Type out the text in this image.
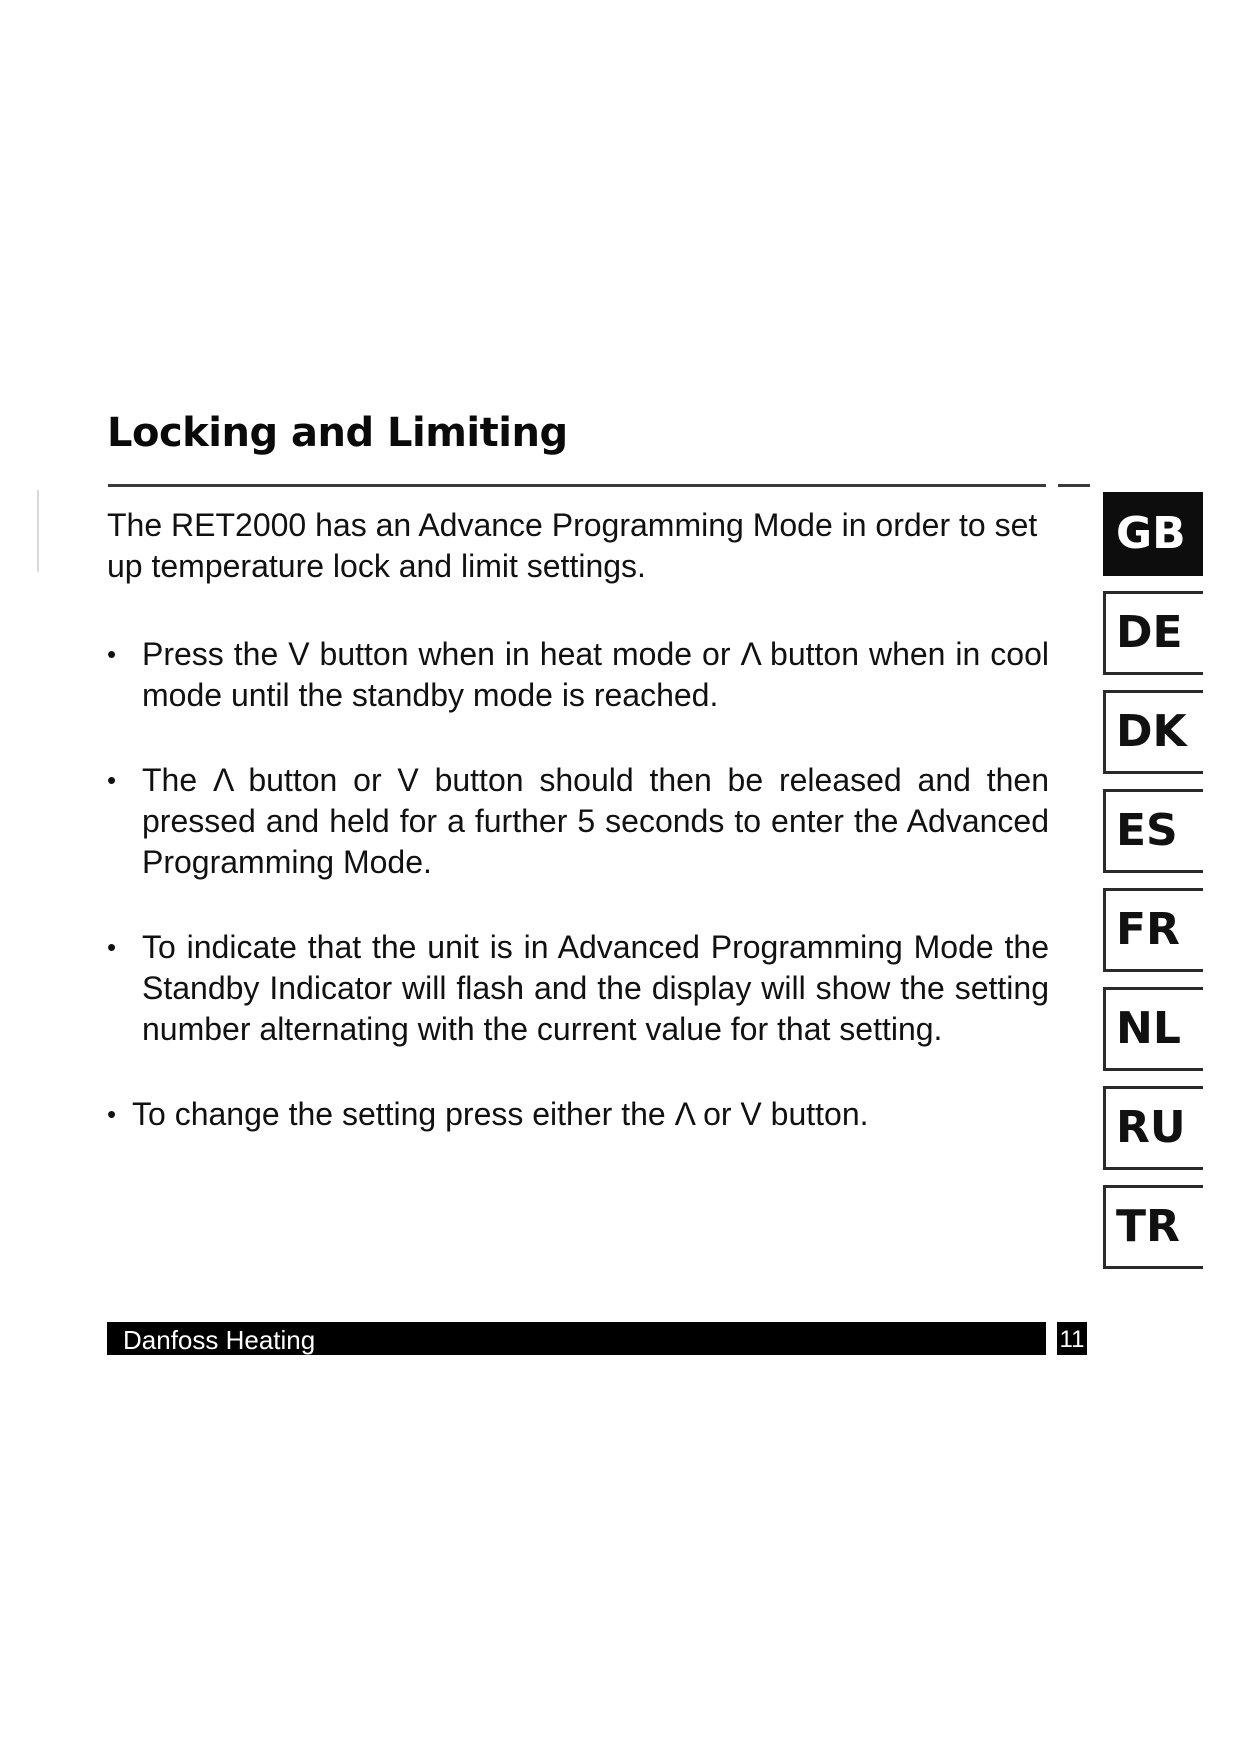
Locking and Limiting

The RET2000 has an Advance Programming Mode in order to set up temperature lock and limit settings.

• Press the V button when in heat mode or Λ button when in cool mode until the standby mode is reached.
• The Λ button or V button should then be released and then pressed and held for a further 5 seconds to enter the Advanced Programming Mode.
• To indicate that the unit is in Advanced Programming Mode the Standby Indicator will flash and the display will show the setting number alternating with the current value for that setting.
• To change the setting press either the Λ or V button.
GB
DE
DK
ES
FR
NL
RU
TR
Danfoss Heating	11
